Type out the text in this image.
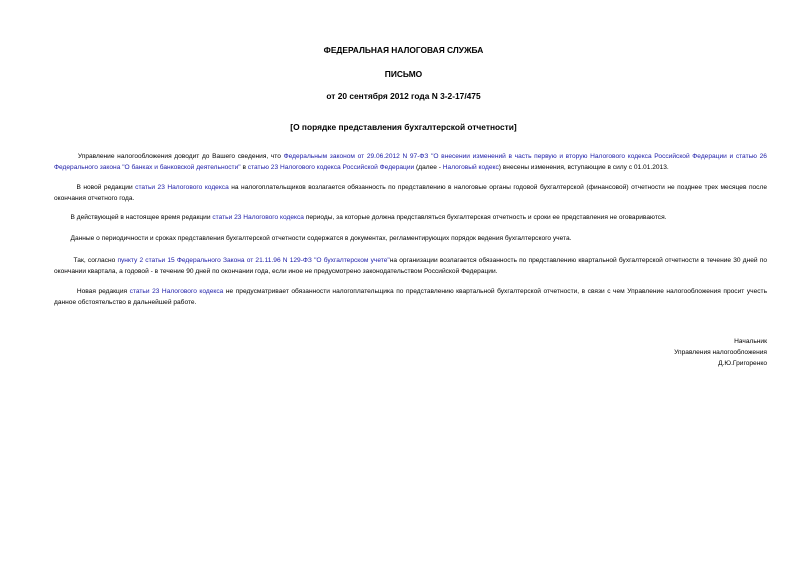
ФЕДЕРАЛЬНАЯ НАЛОГОВАЯ СЛУЖБА
ПИСЬМО
от 20 сентября 2012 года N 3-2-17/475
[О порядке представления бухгалтерской отчетности]
Управление налогообложения доводит до Вашего сведения, что Федеральным законом от 29.06.2012 N 97-ФЗ "О внесении изменений в часть первую и вторую Налогового кодекса Российской Федерации и статью 26 Федерального закона "О банках и банковской деятельности" в статью 23 Налогового кодекса Российской Федерации (далее - Налоговый кодекс) внесены изменения, вступающие в силу с 01.01.2013.
В новой редакции статьи 23 Налогового кодекса на налогоплательщиков возлагается обязанность по представлению в налоговые органы годовой бухгалтерской (финансовой) отчетности не позднее трех месяцев после окончания отчетного года.
В действующей в настоящее время редакции статьи 23 Налогового кодекса периоды, за которые должна представляться бухгалтерская отчетность и сроки ее представления не оговариваются.
Данные о периодичности и сроках представления бухгалтерской отчетности содержатся в документах, регламентирующих порядок ведения бухгалтерского учета.
Так, согласно пункту 2 статьи 15 Федерального Закона от 21.11.96 N 129-ФЗ "О бухгалтерском учете"на организации возлагается обязанность по представлению квартальной бухгалтерской отчетности в течение 30 дней по окончании квартала, а годовой - в течение 90 дней по окончании года, если иное не предусмотрено законодательством Российской Федерации.
Новая редакция статьи 23 Налогового кодекса не предусматривает обязанности налогоплательщика по представлению квартальной бухгалтерской отчетности, в связи с чем Управление налогообложения просит учесть данное обстоятельство в дальнейшей работе.
Начальник
Управления налогообложения
Д.Ю.Григоренко
